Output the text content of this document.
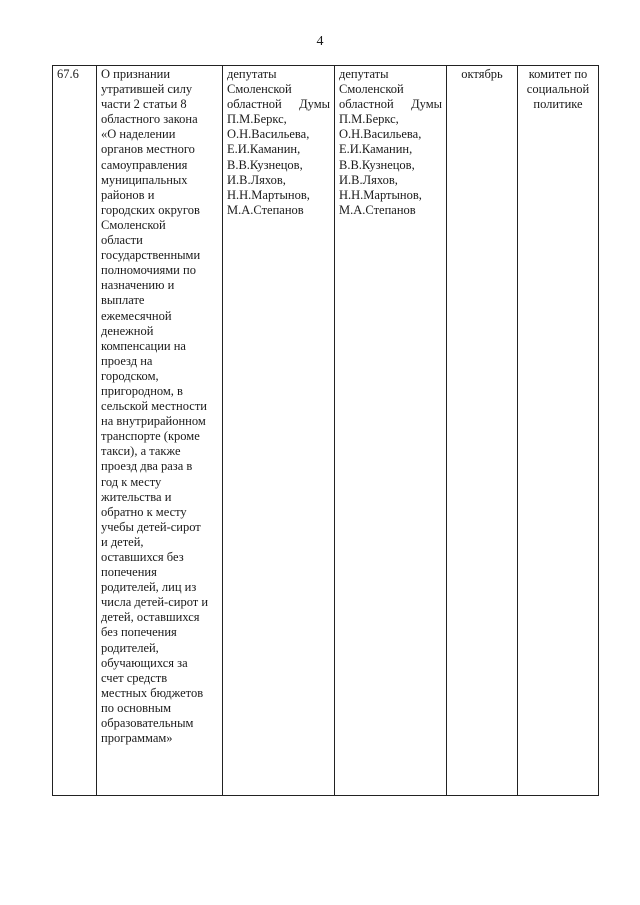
4
67.6	О признании
утратившей силу
части 2 статьи 8
областного закона
«О наделении
органов местного
самоуправления
муниципальных
районов и
городских округов
Смоленской
области
государственными
полномочиями по
назначению и
выплате
ежемесячной
денежной
компенсации на
проезд на
городском,
пригородном, в
сельской местности
на внутрирайонном
транспорте (кроме
такси), а также
проезд два раза в
год к месту
жительства и
обратно к месту
учебы детей-сирот
и детей,
оставшихся без
попечения
родителей, лиц из
числа детей-сирот и
детей, оставшихся
без попечения
родителей,
обучающихся за
счет средств
местных бюджетов
по основным
образовательным
программам»

депутаты
Смоленской
областной Думы
П.М.Беркс,
О.Н.Васильева,
Е.И.Каманин,
В.В.Кузнецов,
И.В.Ляхов,
Н.Н.Мартынов,
М.А.Степанов

депутаты
Смоленской
областной Думы
П.М.Беркс,
О.Н.Васильева,
Е.И.Каманин,
В.В.Кузнецов,
И.В.Ляхов,
Н.Н.Мартынов,
М.А.Степанов

октябрь	комитет по
социальной
политике
